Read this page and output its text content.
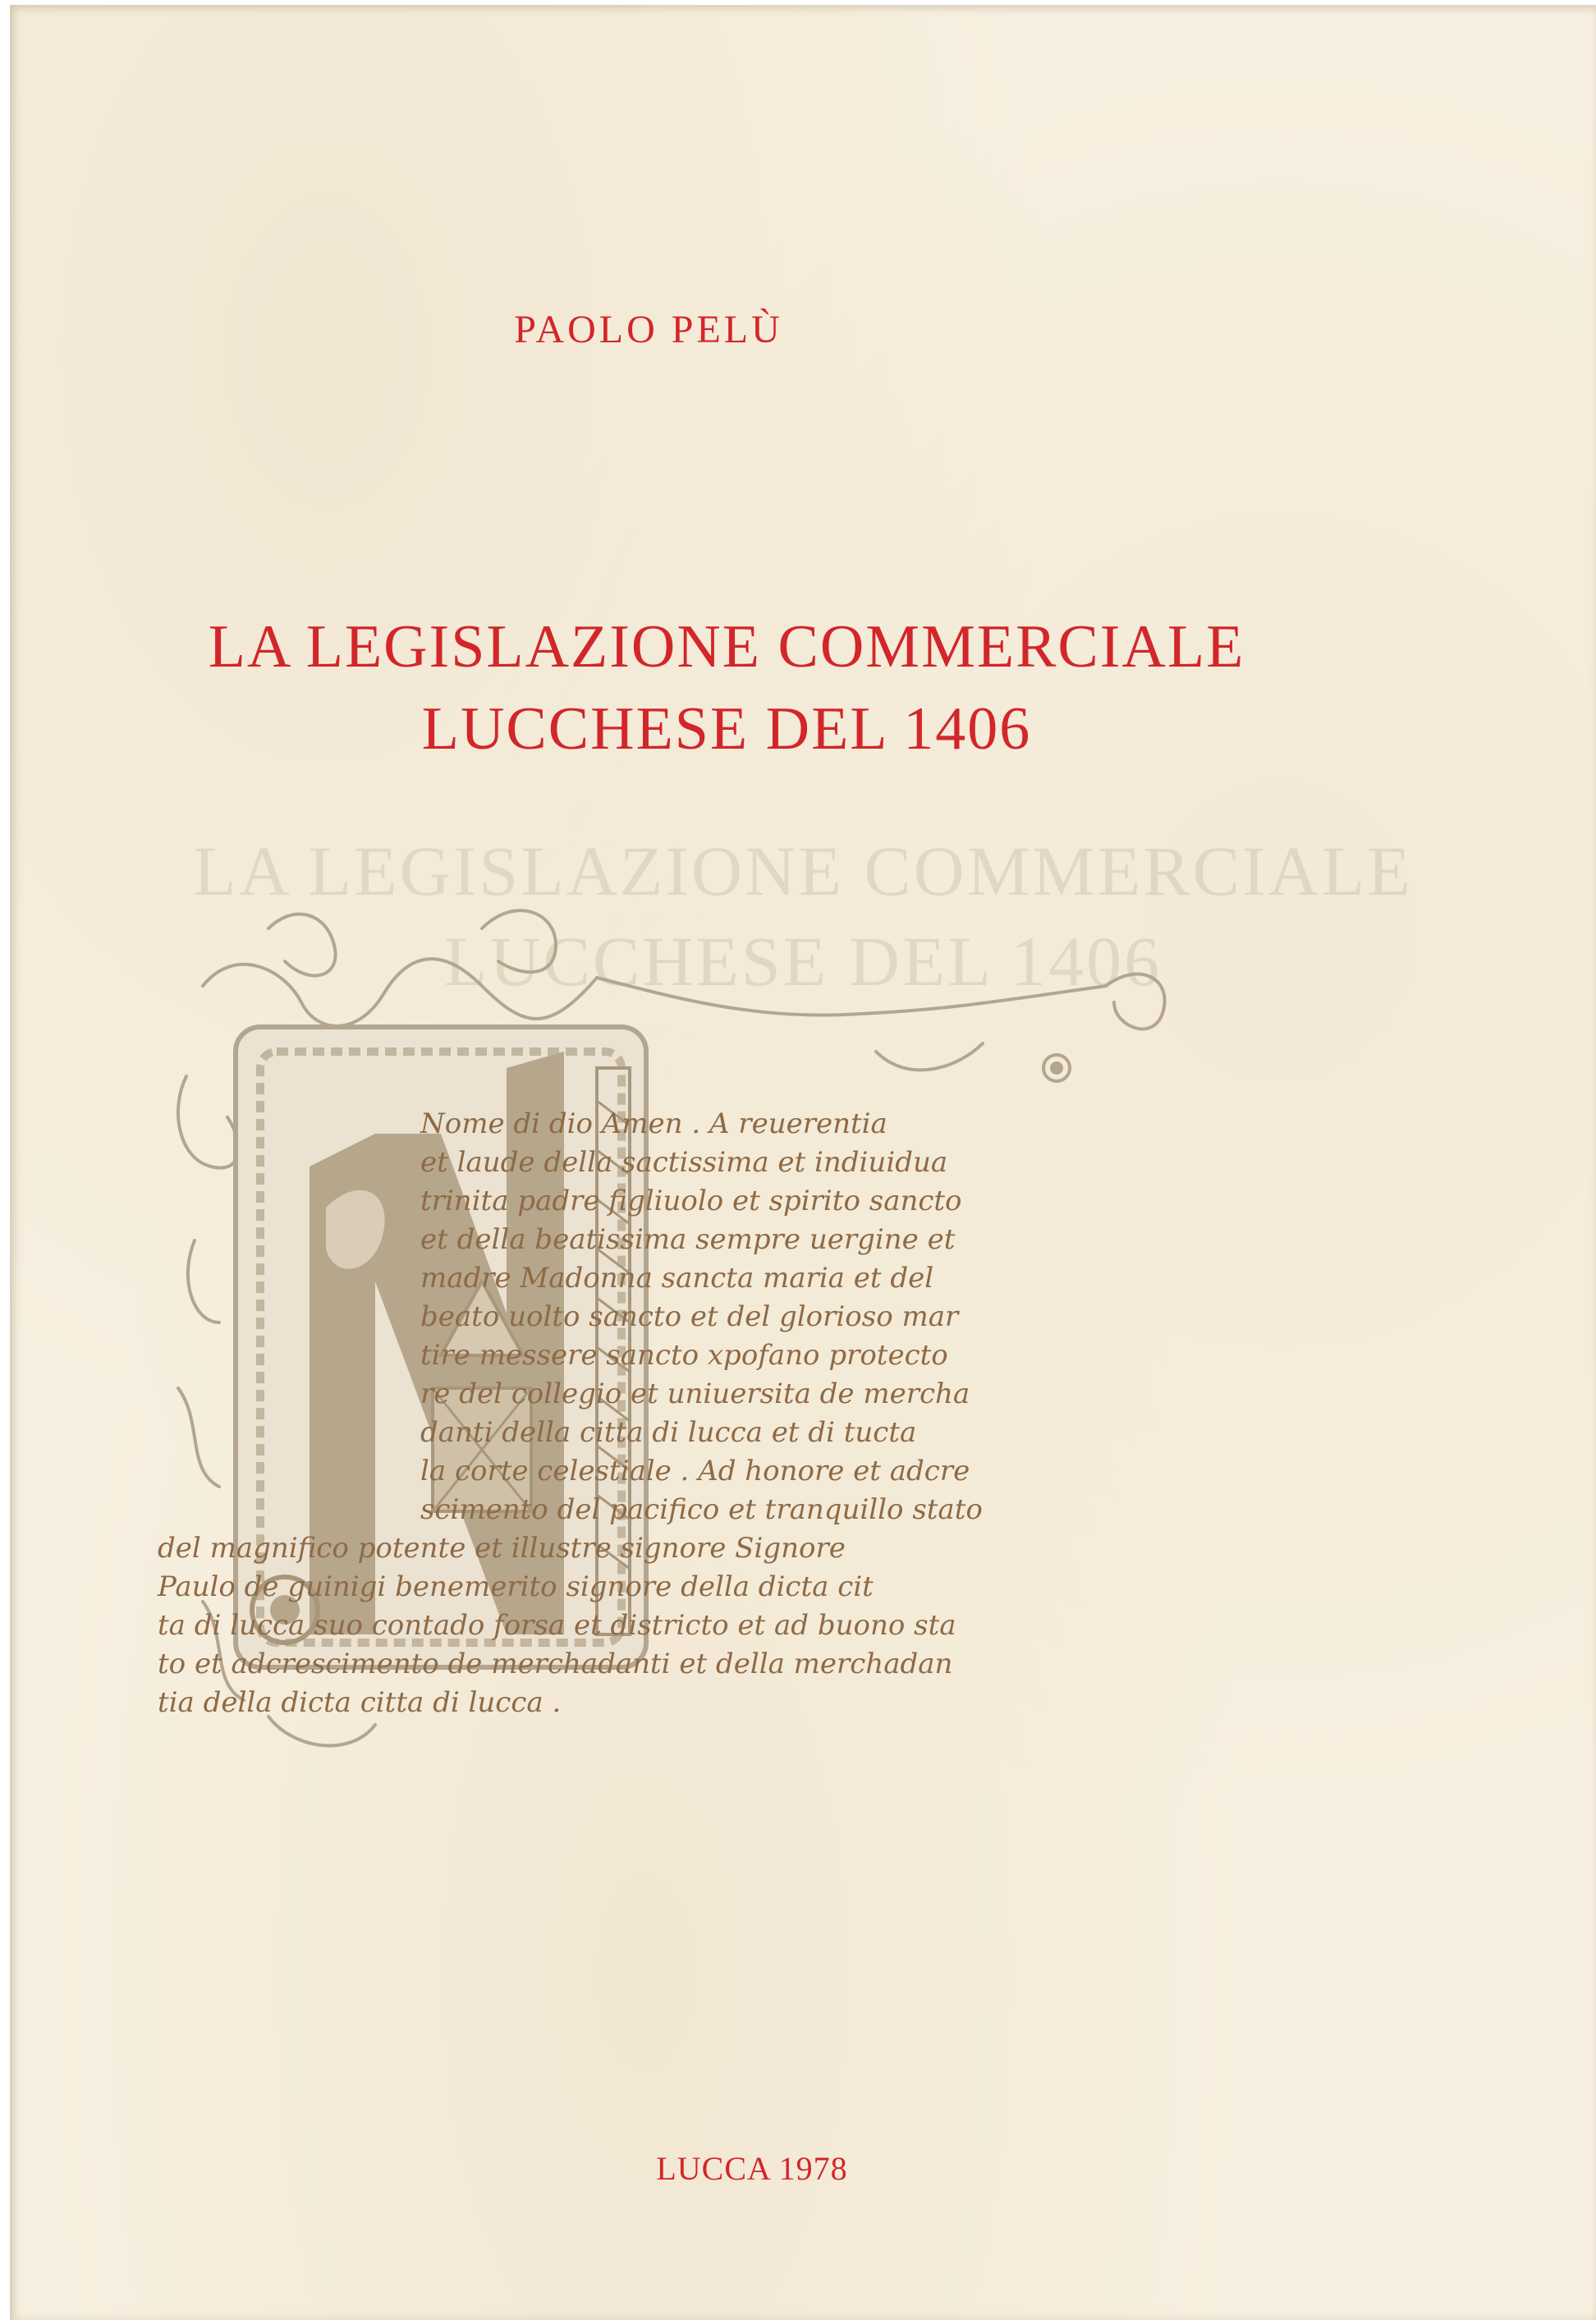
LA LEGISLAZIONE COMMERCIALE
LUCCHESE DEL 1406
PAOLO PELÙ
LA LEGISLAZIONE COMMERCIALE
LUCCHESE DEL 1406
Nome di dio Amen . A reuerentia
et laude della sactissima et indiuidua
trinita padre figliuolo et spirito sancto
et della beatissima sempre uergine et
madre Madonna sancta maria et del
beato uolto sancto et del glorioso mar
tire messere sancto xpofano protecto
re del collegio et uniuersita de mercha
danti della citta di lucca et di tucta
la corte celestiale . Ad honore et adcre
scimento del pacifico et tranquillo stato
del magnifico potente et illustre signore Signore
Paulo de guinigi benemerito signore della dicta cit
ta di lucca suo contado forsa et districto et ad buono sta
to et adcrescimento de merchadanti et della merchadan
tia della dicta citta di lucca .
LUCCA 1978
